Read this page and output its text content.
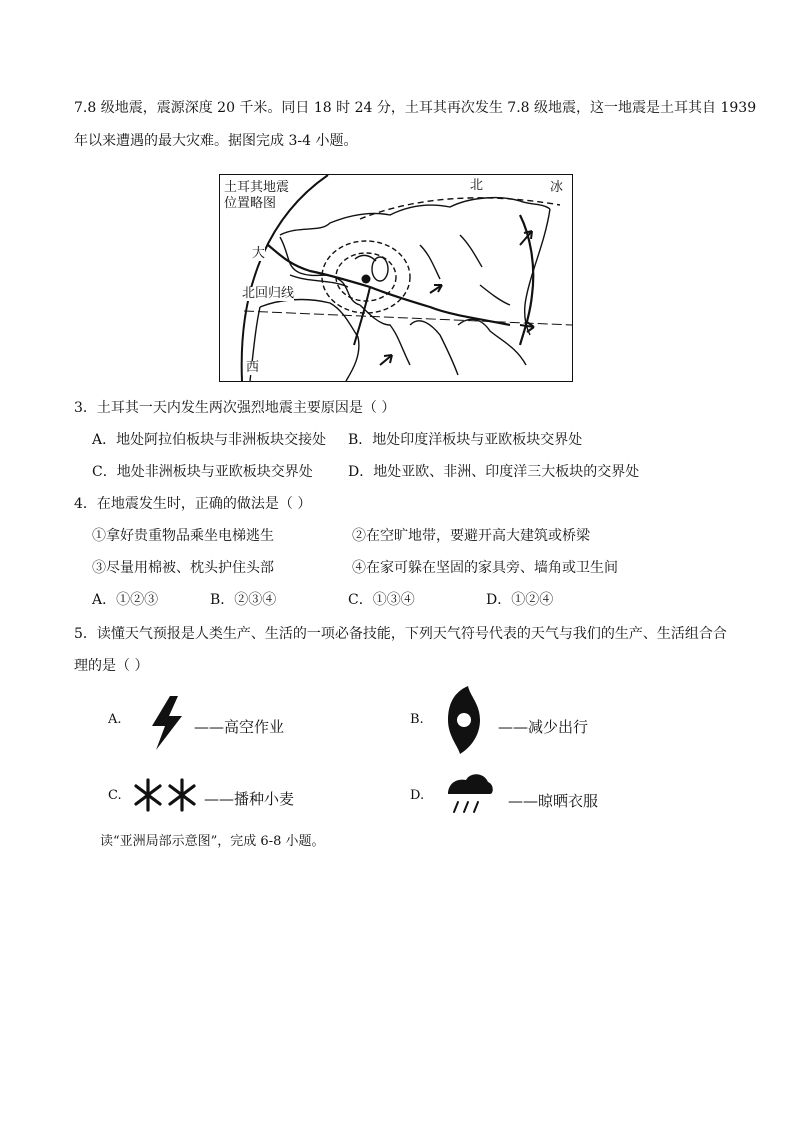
7.8 级地震，震源深度 20 千米。同日 18 时 24 分，土耳其再次发生 7.8 级地震，这一地震是土耳其自 1939
年以来遭遇的最大灾难。据图完成 3-4 小题。
土耳其地震
位置略图
北	冰
大
北回归线
西
3．土耳其一天内发生两次强烈地震主要原因是（ ）
A．地处阿拉伯板块与非洲板块交接处 B．地处印度洋板块与亚欧板块交界处
C．地处非洲板块与亚欧板块交界处	D．地处亚欧、非洲、印度洋三大板块的交界处
4．在地震发生时，正确的做法是（ ）
①拿好贵重物品乘坐电梯逃生	②在空旷地带，要避开高大建筑或桥梁
③尽量用棉被、枕头护住头部	④在家可躲在坚固的家具旁、墙角或卫生间
A．①②③	B．②③④	C．①③④	D．①②④
5．读懂天气预报是人类生产、生活的一项必备技能，下列天气符号代表的天气与我们的生产、生活组合合
理的是（ ）
A.	——高空作业	B.	——减少出行
C.	——播种小麦	D.	——晾晒衣服
读“亚洲局部示意图”，完成 6-8 小题。
